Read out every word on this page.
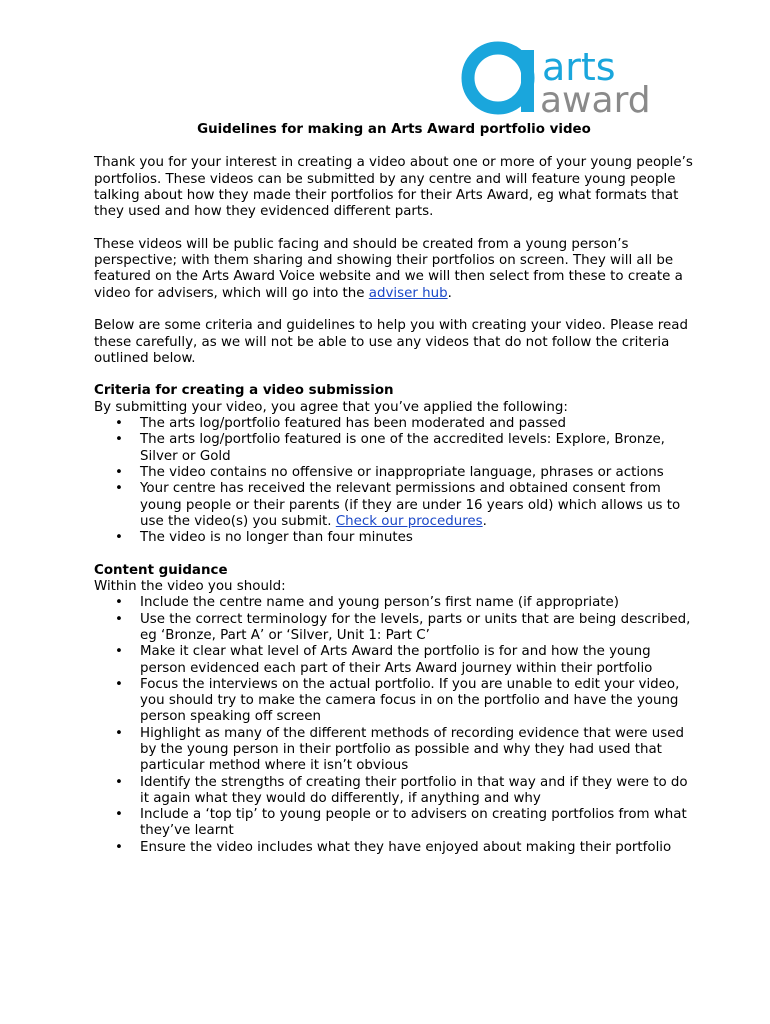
arts
award
Guidelines for making an Arts Award portfolio video

Thank you for your interest in creating a video about one or more of your young people’s portfolios. These videos can be submitted by any centre and will feature young people talking about how they made their portfolios for their Arts Award, eg what formats that they used and how they evidenced different parts.

These videos will be public facing and should be created from a young person’s perspective; with them sharing and showing their portfolios on screen. They will all be featured on the Arts Award Voice website and we will then select from these to create a video for advisers, which will go into the adviser hub.

Below are some criteria and guidelines to help you with creating your video. Please read these carefully, as we will not be able to use any videos that do not follow the criteria outlined below.

Criteria for creating a video submission
By submitting your video, you agree that you’ve applied the following:
• The arts log/portfolio featured has been moderated and passed
• The arts log/portfolio featured is one of the accredited levels: Explore, Bronze, Silver or Gold
• The video contains no offensive or inappropriate language, phrases or actions
• Your centre has received the relevant permissions and obtained consent from young people or their parents (if they are under 16 years old) which allows us to use the video(s) you submit. Check our procedures.
• The video is no longer than four minutes
Content guidance
Within the video you should:
• Include the centre name and young person’s first name (if appropriate)
• Use the correct terminology for the levels, parts or units that are being described, eg ‘Bronze, Part A’ or ‘Silver, Unit 1: Part C’
• Make it clear what level of Arts Award the portfolio is for and how the young person evidenced each part of their Arts Award journey within their portfolio
• Focus the interviews on the actual portfolio. If you are unable to edit your video, you should try to make the camera focus in on the portfolio and have the young person speaking off screen
• Highlight as many of the different methods of recording evidence that were used by the young person in their portfolio as possible and why they had used that particular method where it isn’t obvious
• Identify the strengths of creating their portfolio in that way and if they were to do it again what they would do differently, if anything and why
• Include a ‘top tip’ to young people or to advisers on creating portfolios from what they’ve learnt
• Ensure the video includes what they have enjoyed about making their portfolio
